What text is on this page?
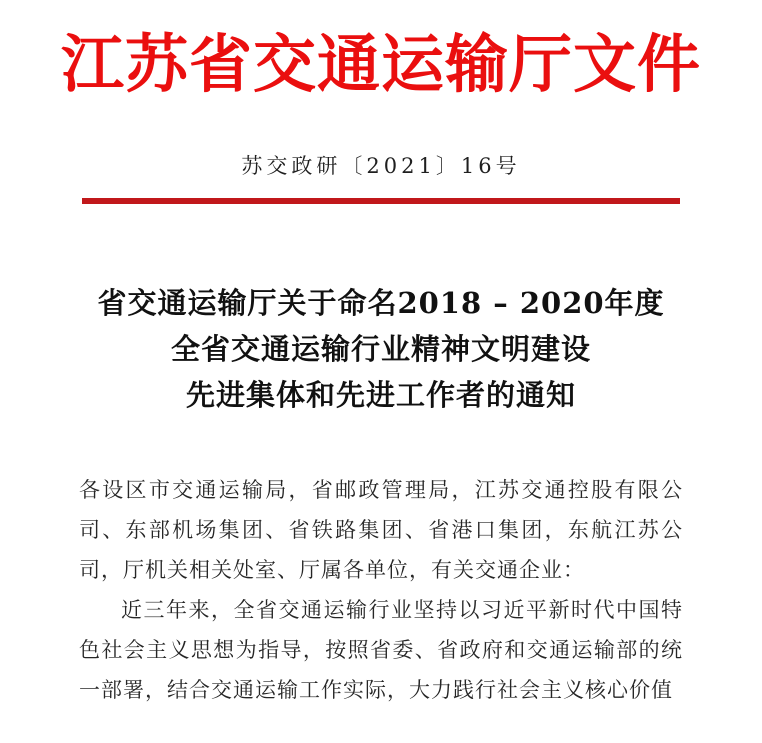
江苏省交通运输厅文件
苏交政研〔2021〕16号
省交通运输厅关于命名2018 – 2020年度
全省交通运输行业精神文明建设
先进集体和先进工作者的通知

各设区市交通运输局，省邮政管理局，江苏交通控股有限公司、东部机场集团、省铁路集团、省港口集团，东航江苏公司，厅机关相关处室、厅属各单位，有关交通企业：

近三年来，全省交通运输行业坚持以习近平新时代中国特色社会主义思想为指导，按照省委、省政府和交通运输部的统一部署，结合交通运输工作实际，大力践行社会主义核心价值
